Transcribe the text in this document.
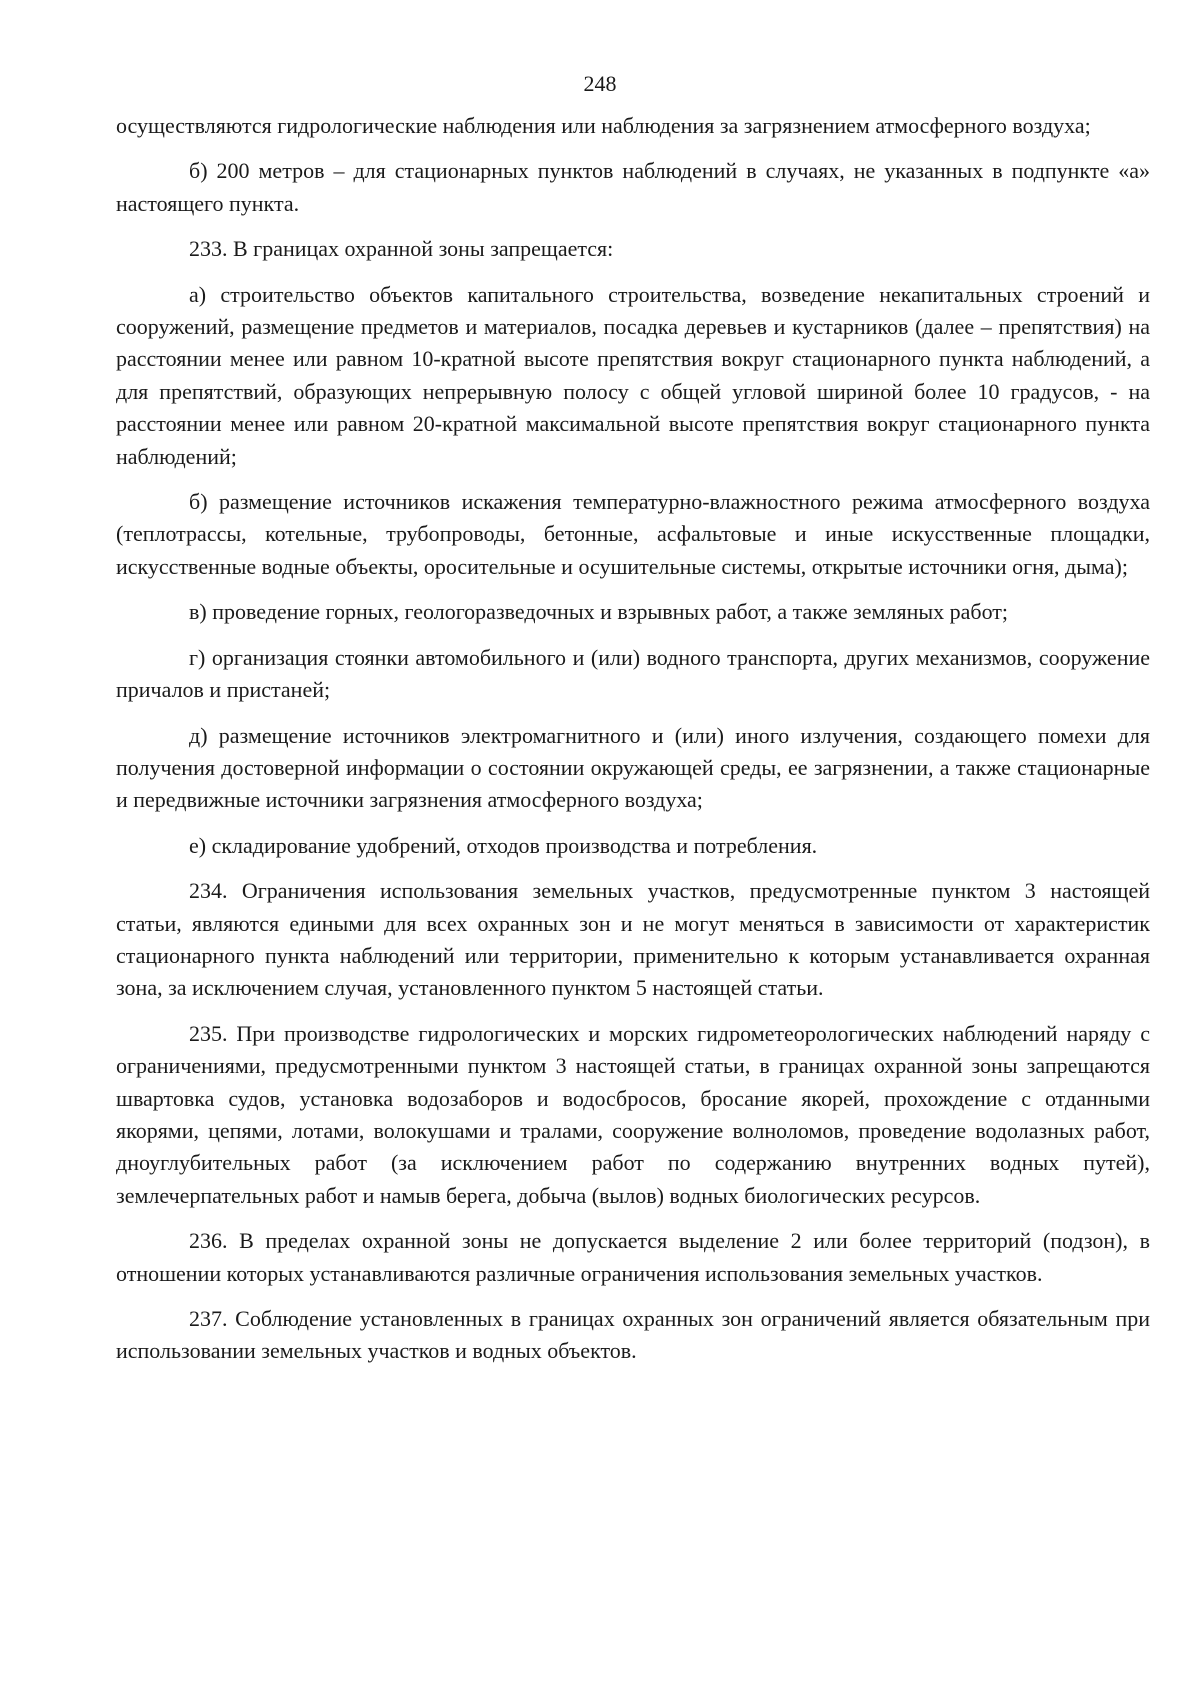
248

осуществляются гидрологические наблюдения или наблюдения за загрязнением атмосферного воздуха;

б) 200 метров – для стационарных пунктов наблюдений в случаях, не указанных в подпункте «а» настоящего пункта.

233. В границах охранной зоны запрещается:

а) строительство объектов капитального строительства, возведение некапитальных строений и сооружений, размещение предметов и материалов, посадка деревьев и кустарников (далее – препятствия) на расстоянии менее или равном 10-кратной высоте препятствия вокруг стационарного пункта наблюдений, а для препятствий, образующих непрерывную полосу с общей угловой шириной более 10 градусов, - на расстоянии менее или равном 20-кратной максимальной высоте препятствия вокруг стационарного пункта наблюдений;

б) размещение источников искажения температурно-влажностного режима атмосферного воздуха (теплотрассы, котельные, трубопроводы, бетонные, асфальтовые и иные искусственные площадки, искусственные водные объекты, оросительные и осушительные системы, открытые источники огня, дыма);

в) проведение горных, геологоразведочных и взрывных работ, а также земляных работ;

г) организация стоянки автомобильного и (или) водного транспорта, других механизмов, сооружение причалов и пристаней;

д) размещение источников электромагнитного и (или) иного излучения, создающего помехи для получения достоверной информации о состоянии окружающей среды, ее загрязнении, а также стационарные и передвижные источники загрязнения атмосферного воздуха;

е) складирование удобрений, отходов производства и потребления.

234. Ограничения использования земельных участков, предусмотренные пунктом 3 настоящей статьи, являются едиными для всех охранных зон и не могут меняться в зависимости от характеристик стационарного пункта наблюдений или территории, применительно к которым устанавливается охранная зона, за исключением случая, установленного пунктом 5 настоящей статьи.

235. При производстве гидрологических и морских гидрометеорологических наблюдений наряду с ограничениями, предусмотренными пунктом 3 настоящей статьи, в границах охранной зоны запрещаются швартовка судов, установка водозаборов и водосбросов, бросание якорей, прохождение с отданными якорями, цепями, лотами, волокушами и тралами, сооружение волноломов, проведение водолазных работ, дноуглубительных работ (за исключением работ по содержанию внутренних водных путей), землечерпательных работ и намыв берега, добыча (вылов) водных биологических ресурсов.

236. В пределах охранной зоны не допускается выделение 2 или более территорий (подзон), в отношении которых устанавливаются различные ограничения использования земельных участков.

237. Соблюдение установленных в границах охранных зон ограничений является обязательным при использовании земельных участков и водных объектов.
